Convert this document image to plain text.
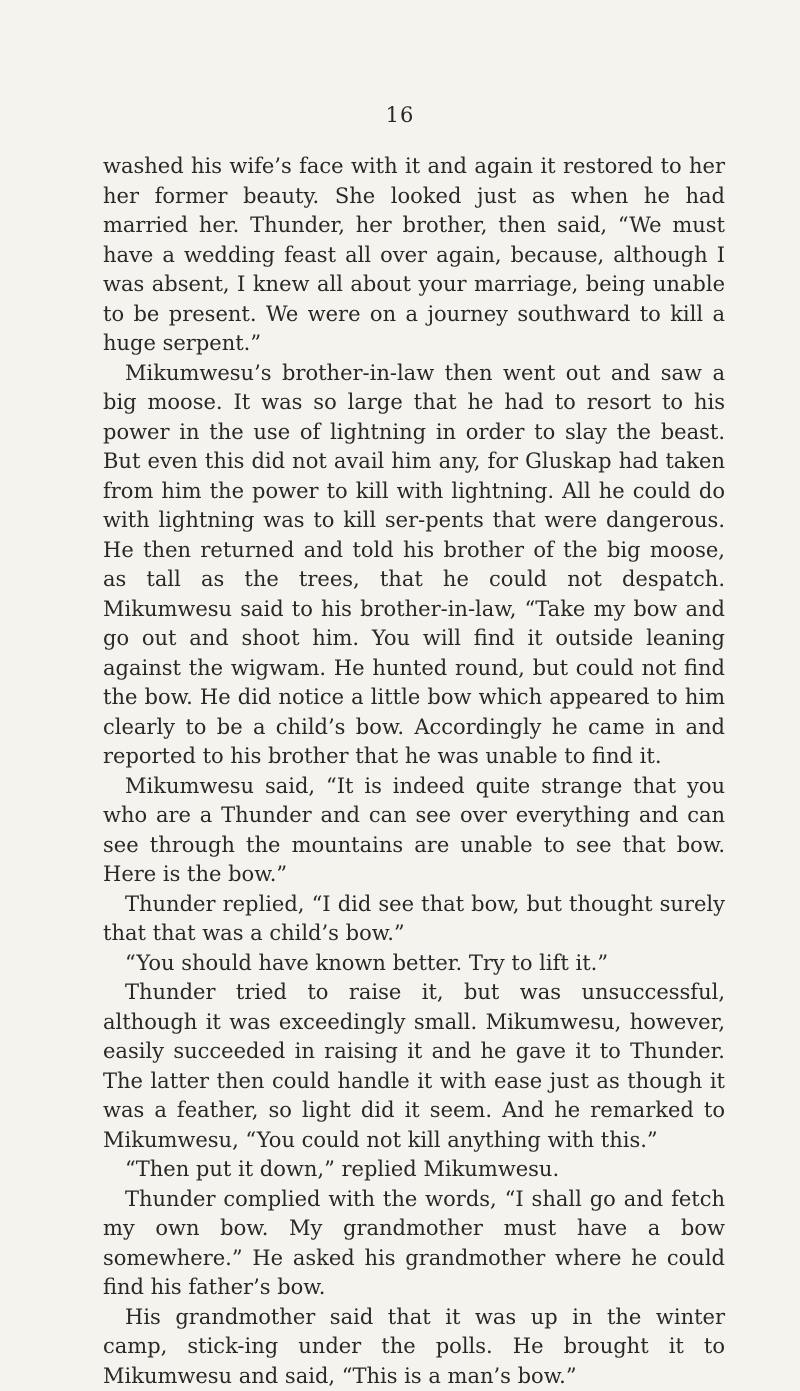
16

washed his wife’s face with it and again it restored to her her former beauty. She looked just as when he had married her. Thunder, her brother, then said, “We must have a wedding feast all over again, because, although I was absent, I knew all about your marriage, being unable to be present. We were on a journey southward to kill a huge serpent.”

Mikumwesu’s brother-in-law then went out and saw a big moose. It was so large that he had to resort to his power in the use of lightning in order to slay the beast. But even this did not avail him any, for Gluskap had taken from him the power to kill with lightning. All he could do with lightning was to kill ser-pents that were dangerous. He then returned and told his brother of the big moose, as tall as the trees, that he could not despatch. Mikumwesu said to his brother-in-law, “Take my bow and go out and shoot him. You will find it outside leaning against the wigwam. He hunted round, but could not find the bow. He did notice a little bow which appeared to him clearly to be a child’s bow. Accordingly he came in and reported to his brother that he was unable to find it.

Mikumwesu said, “It is indeed quite strange that you who are a Thunder and can see over everything and can see through the mountains are unable to see that bow. Here is the bow.”

Thunder replied, “I did see that bow, but thought surely that that was a child’s bow.”

“You should have known better. Try to lift it.”

Thunder tried to raise it, but was unsuccessful, although it was exceedingly small. Mikumwesu, however, easily succeeded in raising it and he gave it to Thunder. The latter then could handle it with ease just as though it was a feather, so light did it seem. And he remarked to Mikumwesu, “You could not kill anything with this.”

“Then put it down,” replied Mikumwesu.

Thunder complied with the words, “I shall go and fetch my own bow. My grandmother must have a bow somewhere.” He asked his grandmother where he could find his father’s bow.

His grandmother said that it was up in the winter camp, stick-ing under the polls. He brought it to Mikumwesu and said, “This is a man’s bow.”
